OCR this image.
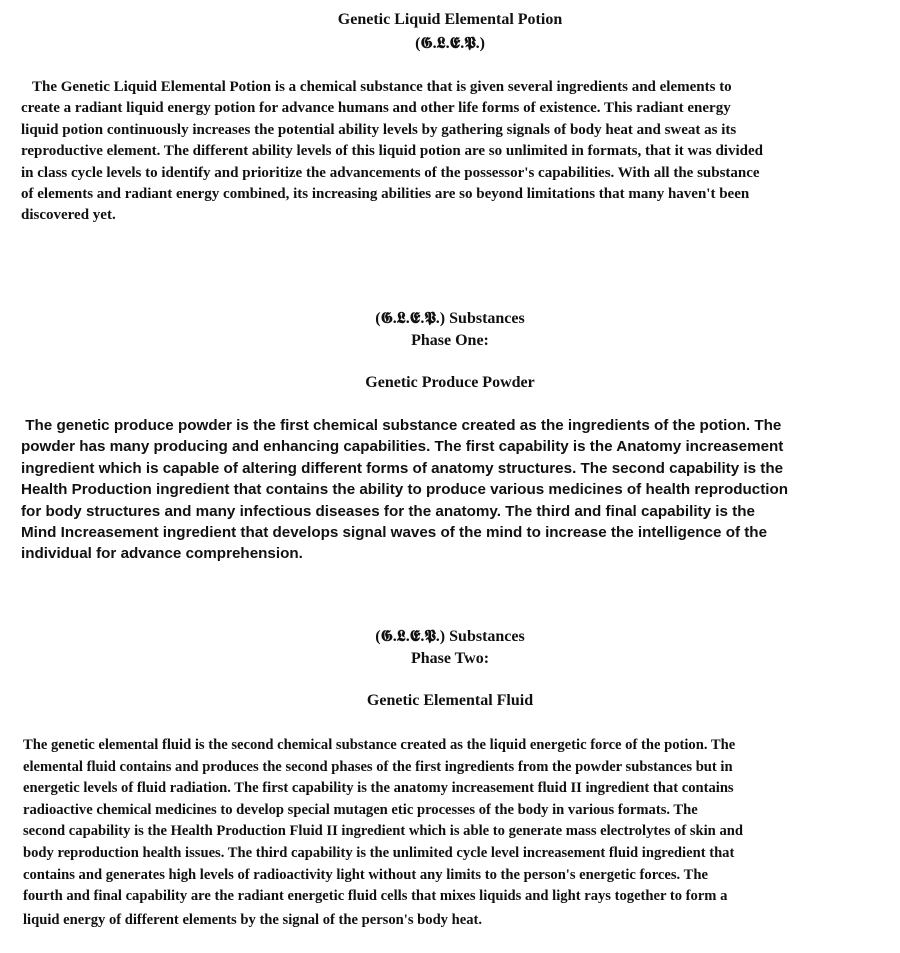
Genetic Liquid Elemental Potion
(𝕲.𝕷.𝕰.𝕻.)
The Genetic Liquid Elemental Potion is a chemical substance that is given several ingredients and elements to
create a radiant liquid energy potion for advance humans and other life forms of existence. This radiant energy
liquid potion continuously increases the potential ability levels by gathering signals of body heat and sweat as its
reproductive element. The different ability levels of this liquid potion are so unlimited in formats, that it was divided
in class cycle levels to identify and prioritize the advancements of the possessor's capabilities. With all the substance
of elements and radiant energy combined, its increasing abilities are so beyond limitations that many haven't been
discovered yet.
(𝕲.𝕷.𝕰.𝕻.) Substances
Phase One:
Genetic Produce Powder
The genetic produce powder is the first chemical substance created as the ingredients of the potion. The
powder has many producing and enhancing capabilities. The first capability is the Anatomy increasement
ingredient which is capable of altering different forms of anatomy structures. The second capability is the
Health Production ingredient that contains the ability to produce various medicines of health reproduction
for body structures and many infectious diseases for the anatomy. The third and final capability is the
Mind Increasement ingredient that develops signal waves of the mind to increase the intelligence of the
individual for advance comprehension.
(𝕲.𝕷.𝕰.𝕻.) Substances
Phase Two:
Genetic Elemental Fluid
The genetic elemental fluid is the second chemical substance created as the liquid energetic force of the potion. The
elemental fluid contains and produces the second phases of the first ingredients from the powder substances but in
energetic levels of fluid radiation. The first capability is the anatomy increasement fluid II ingredient that contains
radioactive chemical medicines to develop special mutagen etic processes of the body in various formats. The
second capability is the Health Production Fluid II ingredient which is able to generate mass electrolytes of skin and
body reproduction health issues. The third capability is the unlimited cycle level increasement fluid ingredient that
contains and generates high levels of radioactivity light without any limits to the person's energetic forces. The
fourth and final capability are the radiant energetic fluid cells that mixes liquids and light rays together to form a
liquid energy of different elements by the signal of the person's body heat.
